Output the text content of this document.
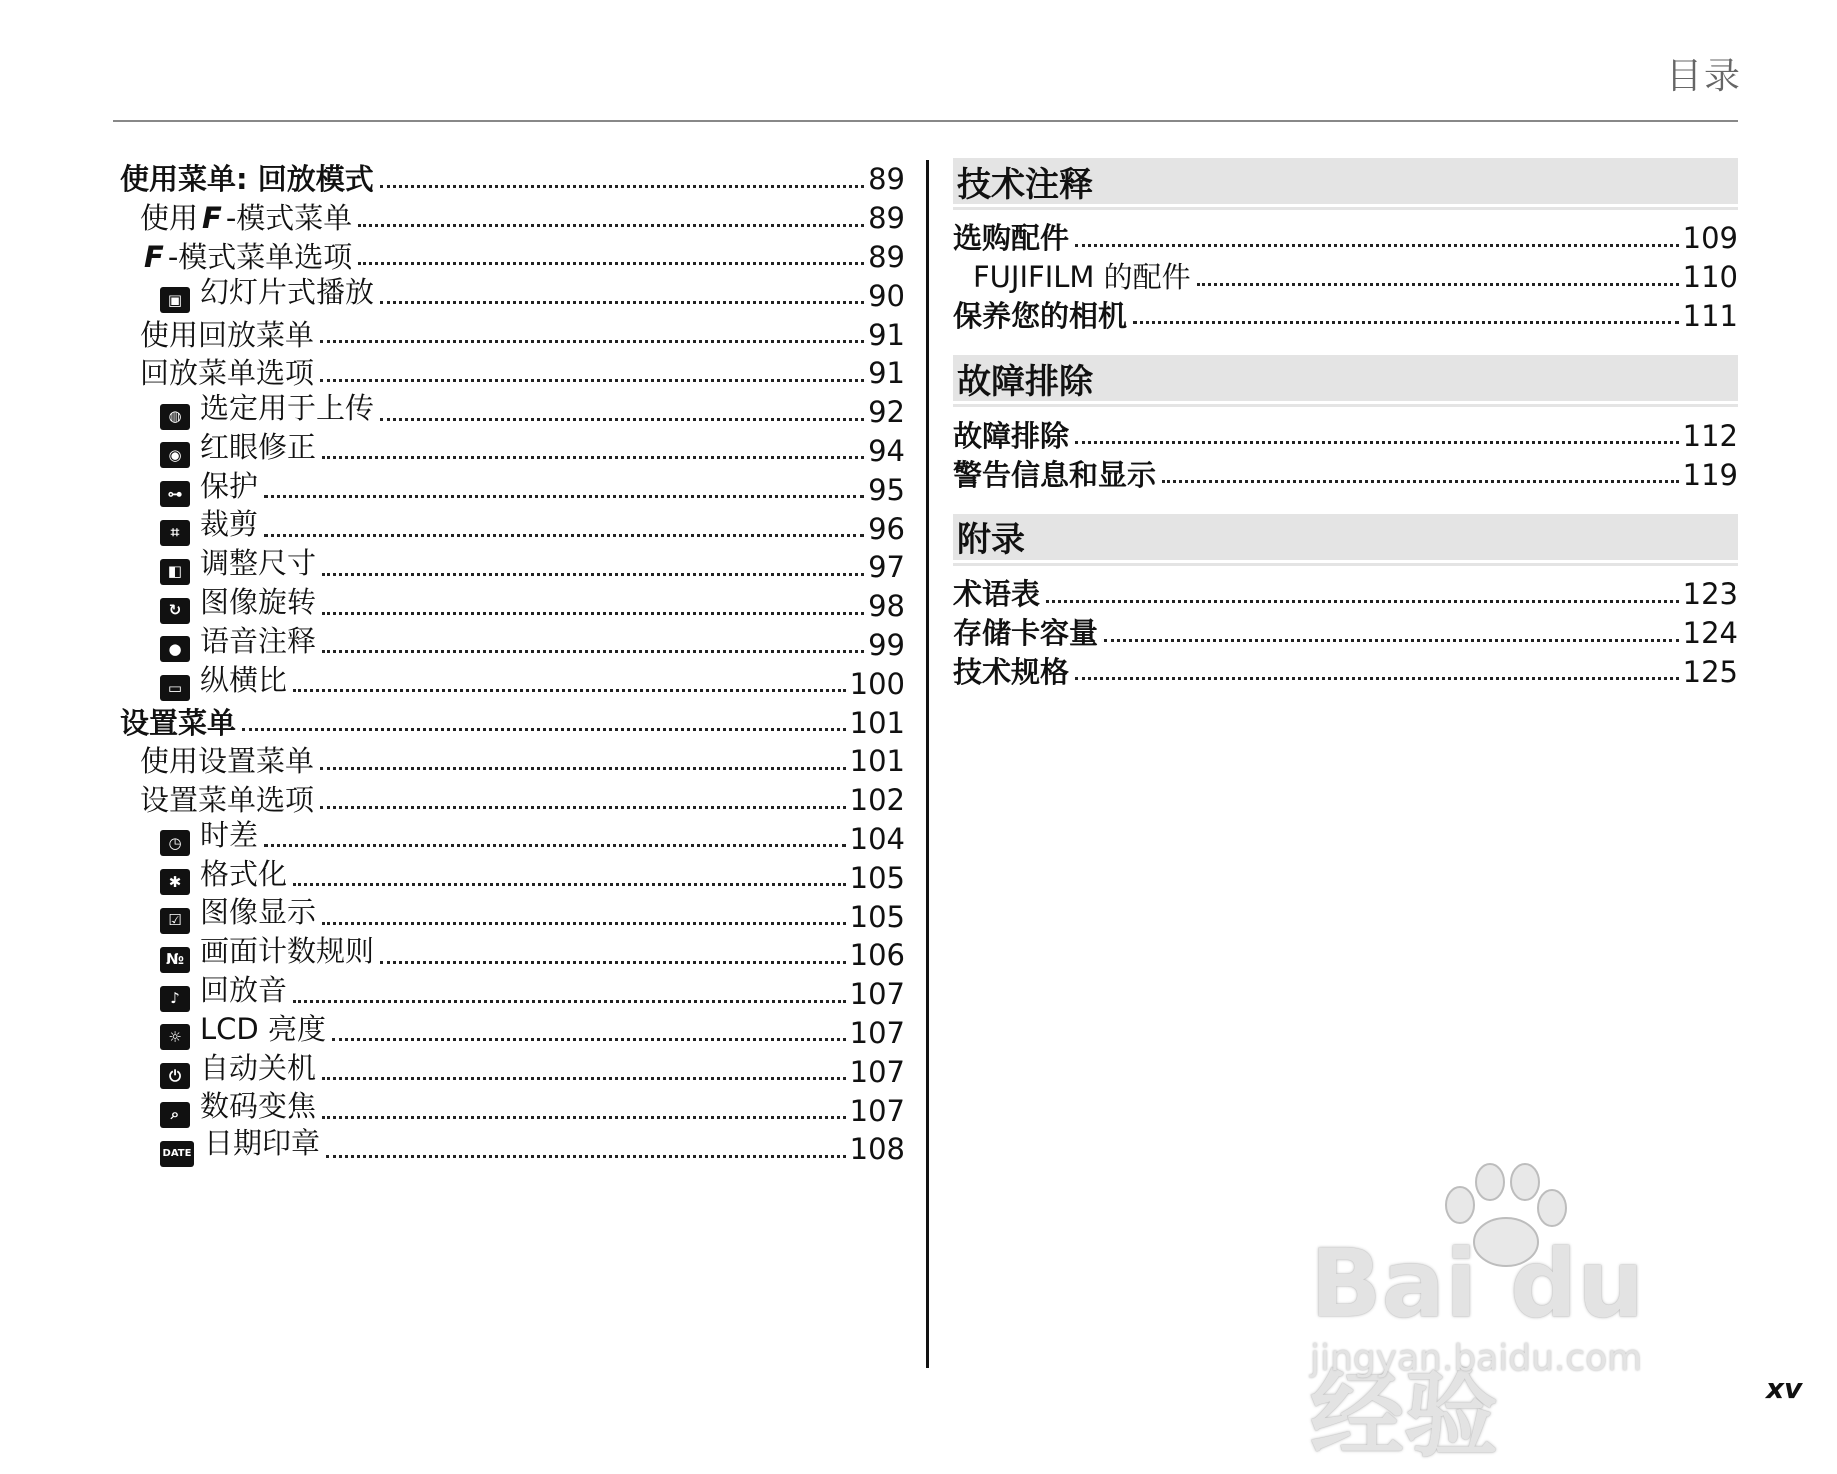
目录
使用菜单: 回放模式	89
使用 F -模式菜单	89
F -模式菜单选项	89
▣ 幻灯片式播放	90
使用回放菜单	91
回放菜单选项	91
◍ 选定用于上传	92
◉ 红眼修正	94
⊶ 保护	95
⌗ 裁剪	96
◧ 调整尺寸	97
↻ 图像旋转	98
● 语音注释	99
▭ 纵横比	100
设置菜单	101
使用设置菜单	101
设置菜单选项	102
◷ 时差	104
✱ 格式化	105
☑ 图像显示	105
№ 画面计数规则	106
♪ 回放音	107
☼ LCD 亮度	107
⏻ 自动关机	107
⌕ 数码变焦	107
DATE 日期印章	108
技术注释
选购配件	109
FUJIFILM 的配件	110
保养您的相机	111
故障排除
故障排除	112
警告信息和显示	119
附录
术语表	123
存储卡容量	124
技术规格	125
Bai du 经验
jingyan.baidu.com
xv
